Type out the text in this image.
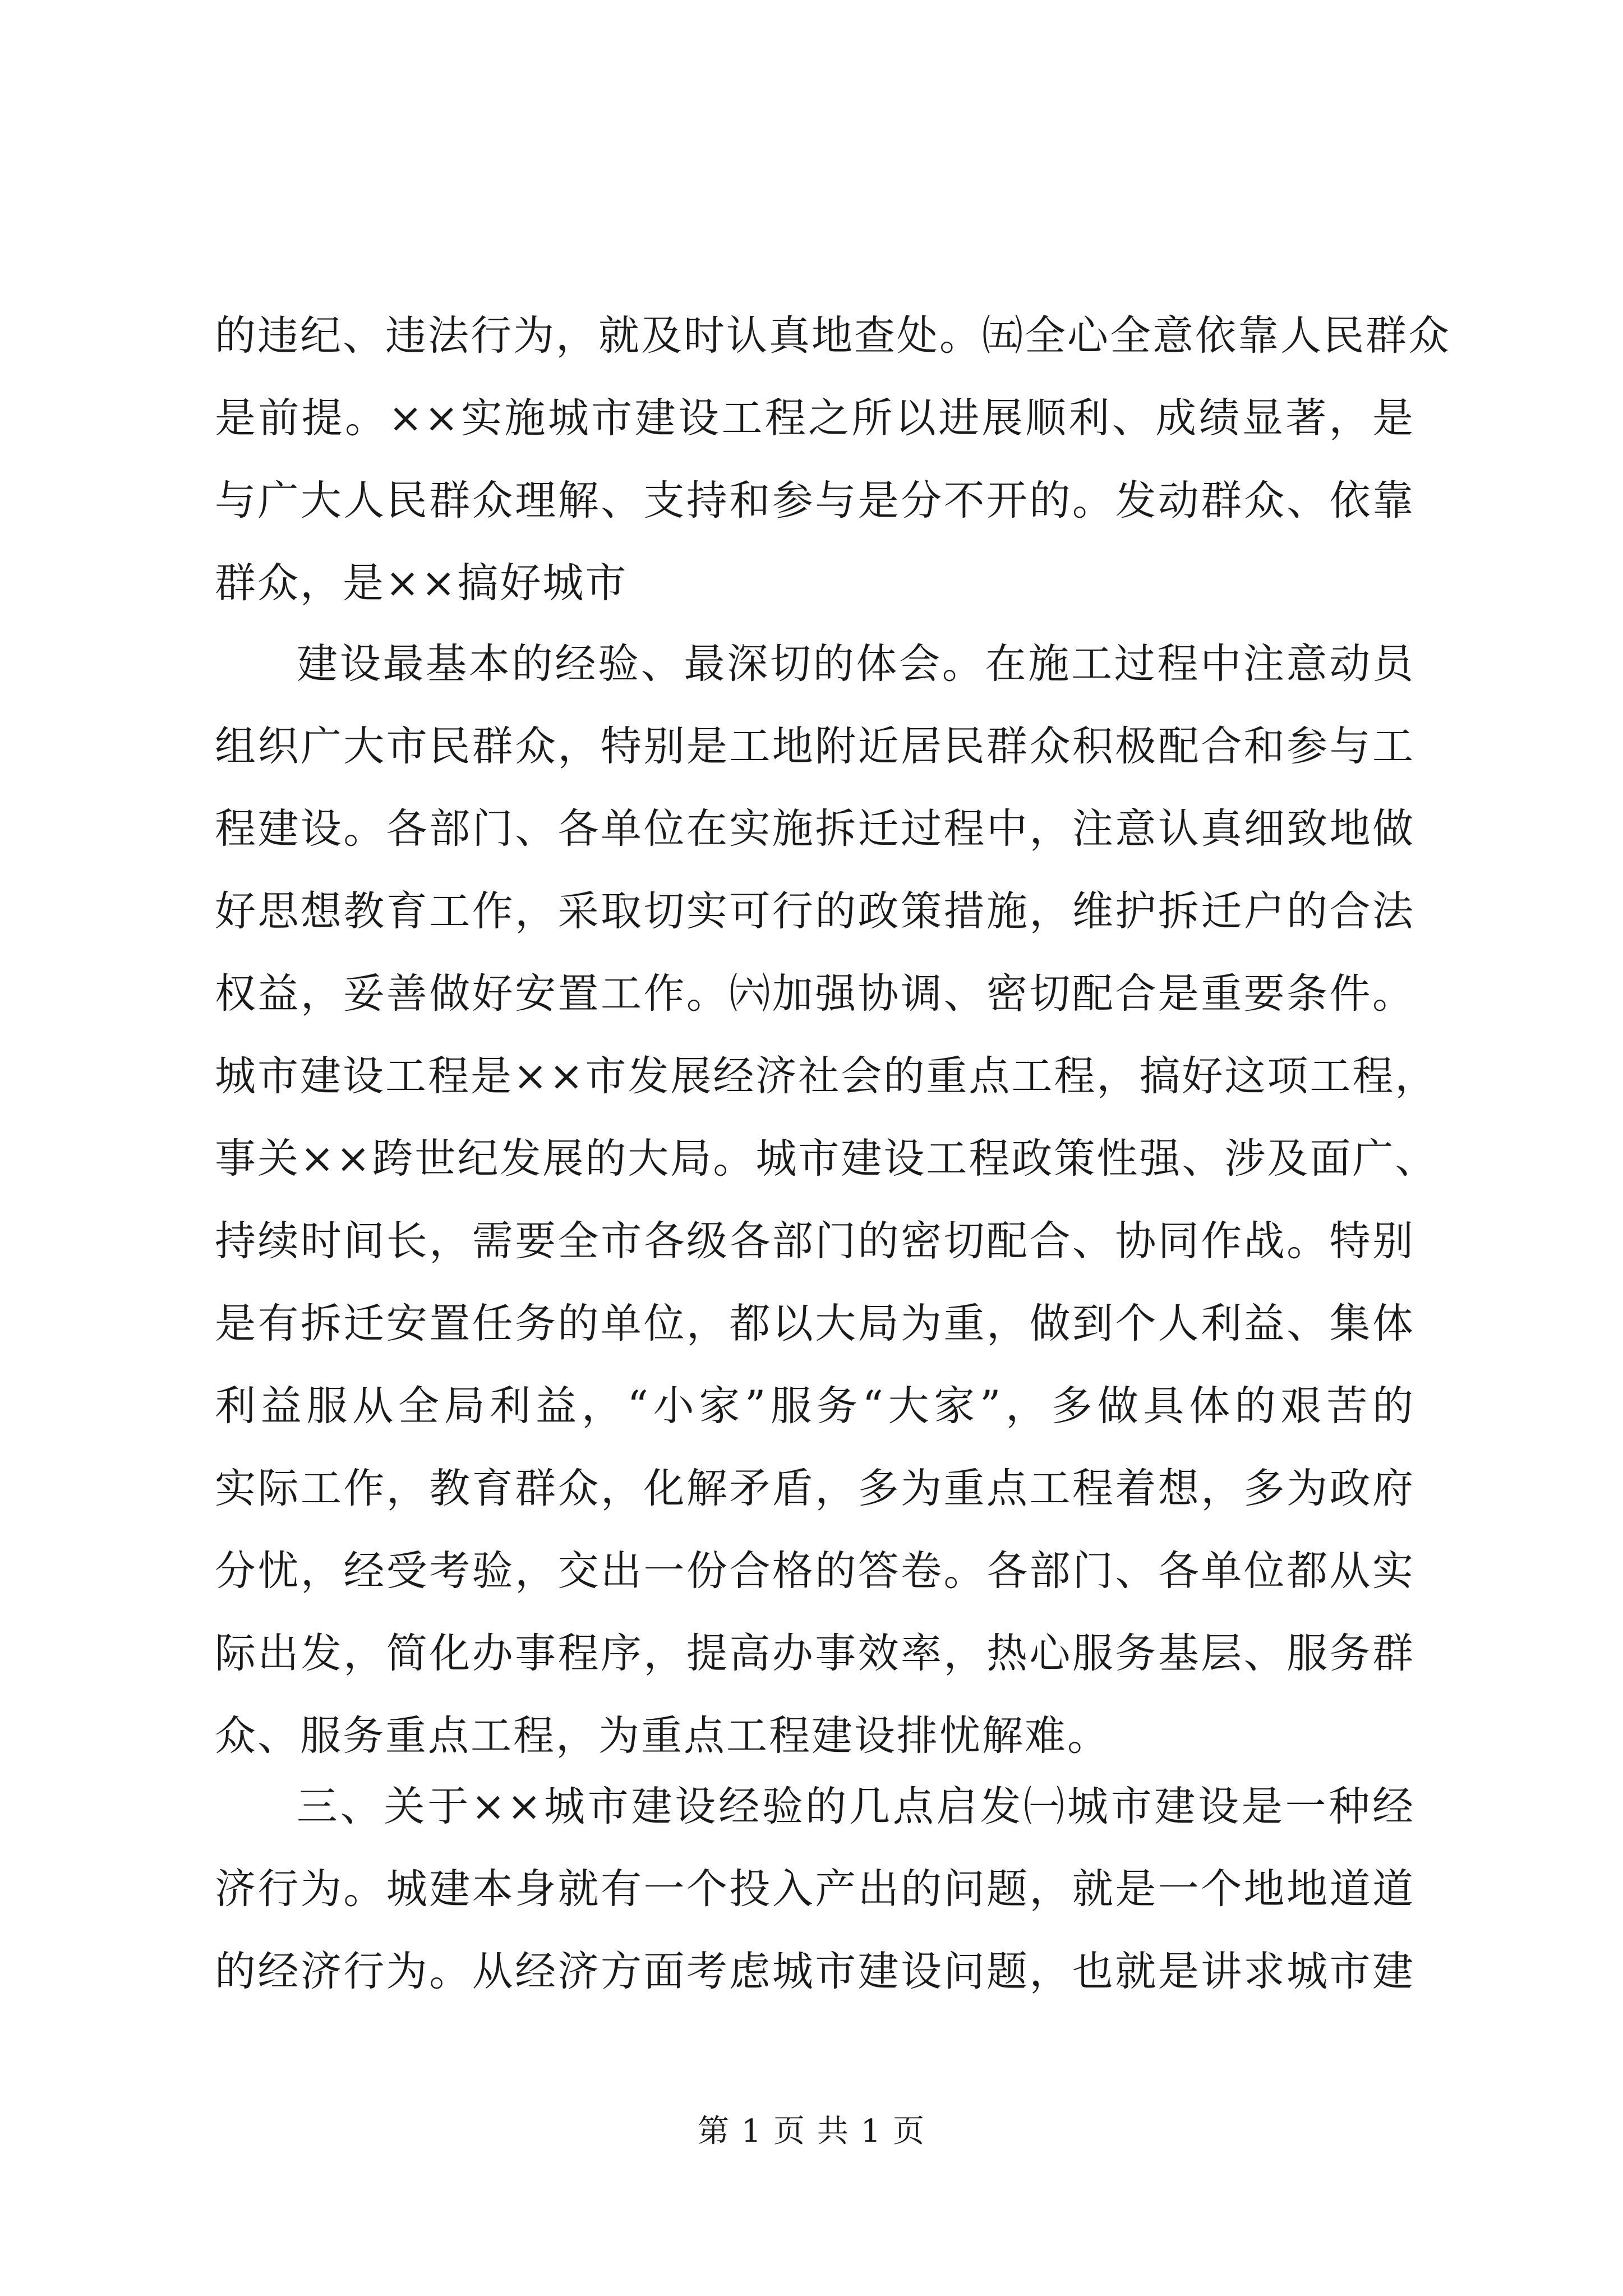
的违纪、违法行为，就及时认真地查处。㈤全心全意依靠人民群众
是前提。××实施城市建设工程之所以进展顺利、成绩显著，是
与广大人民群众理解、支持和参与是分不开的。发动群众、依靠
群众，是××搞好城市
建设最基本的经验、最深切的体会。在施工过程中注意动员
组织广大市民群众，特别是工地附近居民群众积极配合和参与工
程建设。各部门、各单位在实施拆迁过程中，注意认真细致地做
好思想教育工作，采取切实可行的政策措施，维护拆迁户的合法
权益，妥善做好安置工作。㈥加强协调、密切配合是重要条件。
城市建设工程是××市发展经济社会的重点工程，搞好这项工程，
事关××跨世纪发展的大局。城市建设工程政策性强、涉及面广、
持续时间长，需要全市各级各部门的密切配合、协同作战。特别
是有拆迁安置任务的单位，都以大局为重，做到个人利益、集体
利益服从全局利益，“小家”服务“大家”，多做具体的艰苦的
实际工作，教育群众，化解矛盾，多为重点工程着想，多为政府
分忧，经受考验，交出一份合格的答卷。各部门、各单位都从实
际出发，简化办事程序，提高办事效率，热心服务基层、服务群
众、服务重点工程，为重点工程建设排忧解难。
三、关于××城市建设经验的几点启发㈠城市建设是一种经
济行为。城建本身就有一个投入产出的问题，就是一个地地道道
的经济行为。从经济方面考虑城市建设问题，也就是讲求城市建
第 1 页 共 1 页
